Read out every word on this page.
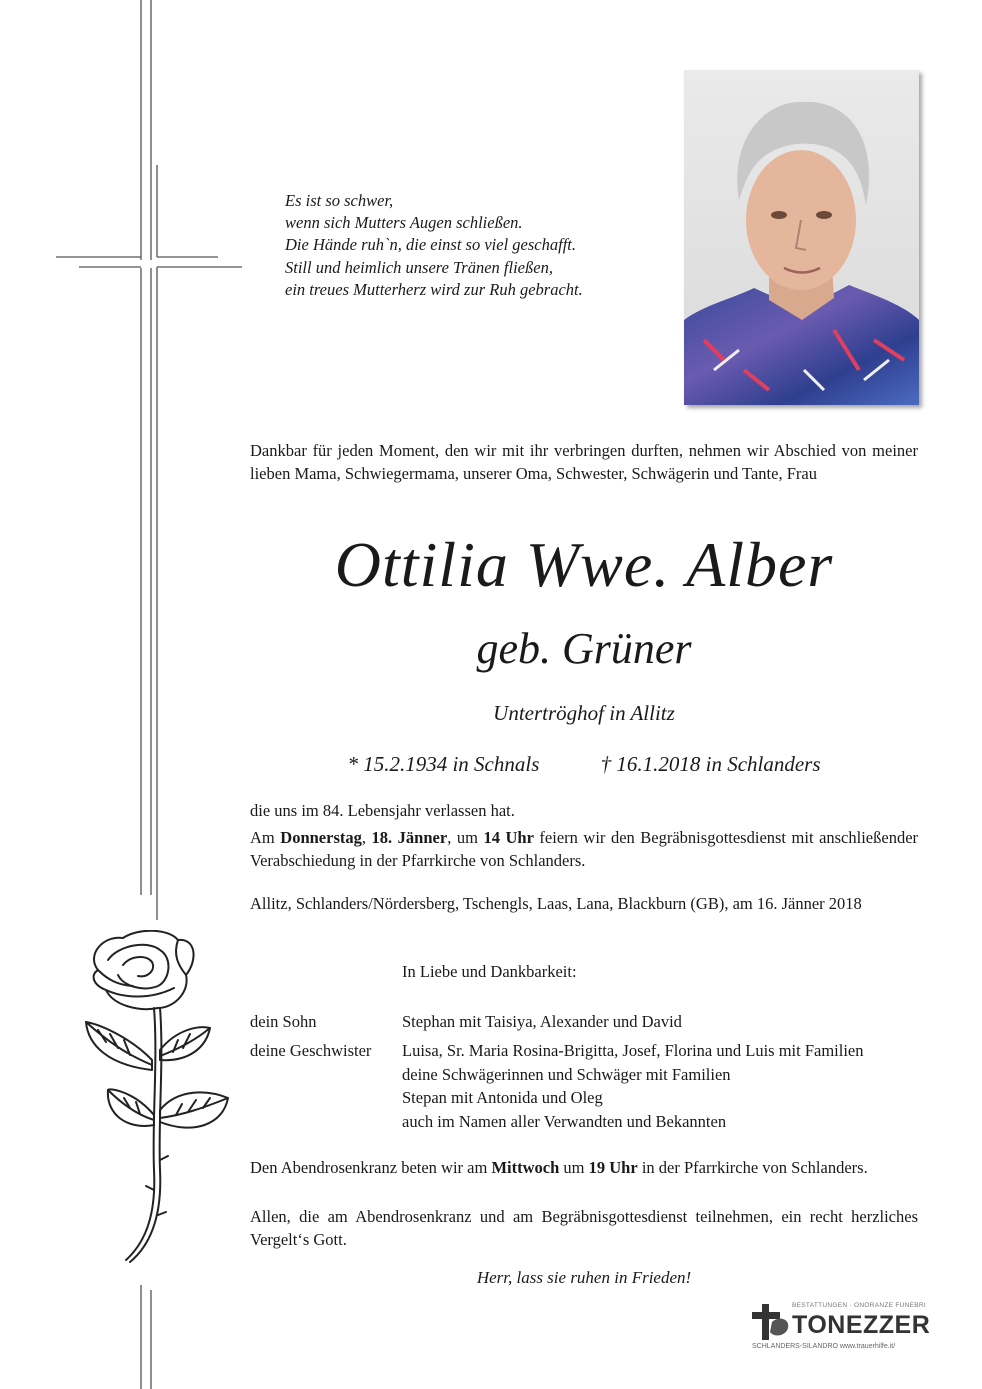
Es ist so schwer,
wenn sich Mutters Augen schließen.
Die Hände ruh`n, die einst so viel geschafft.
Still und heimlich unsere Tränen fließen,
ein treues Mutterherz wird zur Ruh gebracht.
Dankbar für jeden Moment, den wir mit ihr verbringen durften, nehmen wir Abschied von meiner lieben Mama, Schwiegermama, unserer Oma, Schwester, Schwägerin und Tante, Frau
Ottilia Wwe. Alber
geb. Grüner
Untertröghof in Allitz
* 15.2.1934 in Schnals	† 16.1.2018 in Schlanders
die uns im 84. Lebensjahr verlassen hat.
Am Donnerstag, 18. Jänner, um 14 Uhr feiern wir den Begräbnisgottesdienst mit anschließender Verabschiedung in der Pfarrkirche von Schlanders.
Allitz, Schlanders/Nördersberg, Tschengls, Laas, Lana, Blackburn (GB), am 16. Jänner 2018
In Liebe und Dankbarkeit:
dein Sohn	Stephan mit Taisiya, Alexander und David
deine Geschwister Luisa, Sr. Maria Rosina-Brigitta, Josef, Florina und Luis mit Familien
deine Schwägerinnen und Schwäger mit Familien
Stepan mit Antonida und Oleg
auch im Namen aller Verwandten und Bekannten
Den Abendrosenkranz beten wir am Mittwoch um 19 Uhr in der Pfarrkirche von Schlanders.
Allen, die am Abendrosenkranz und am Begräbnisgottesdienst teilnehmen, ein recht herzliches Vergelt‘s Gott.
Herr, lass sie ruhen in Frieden!
BESTATTUNGEN · ONORANZE FUNEBRI
TONEZZER
SCHLANDERS-SILANDRO www.trauerhilfe.it/
